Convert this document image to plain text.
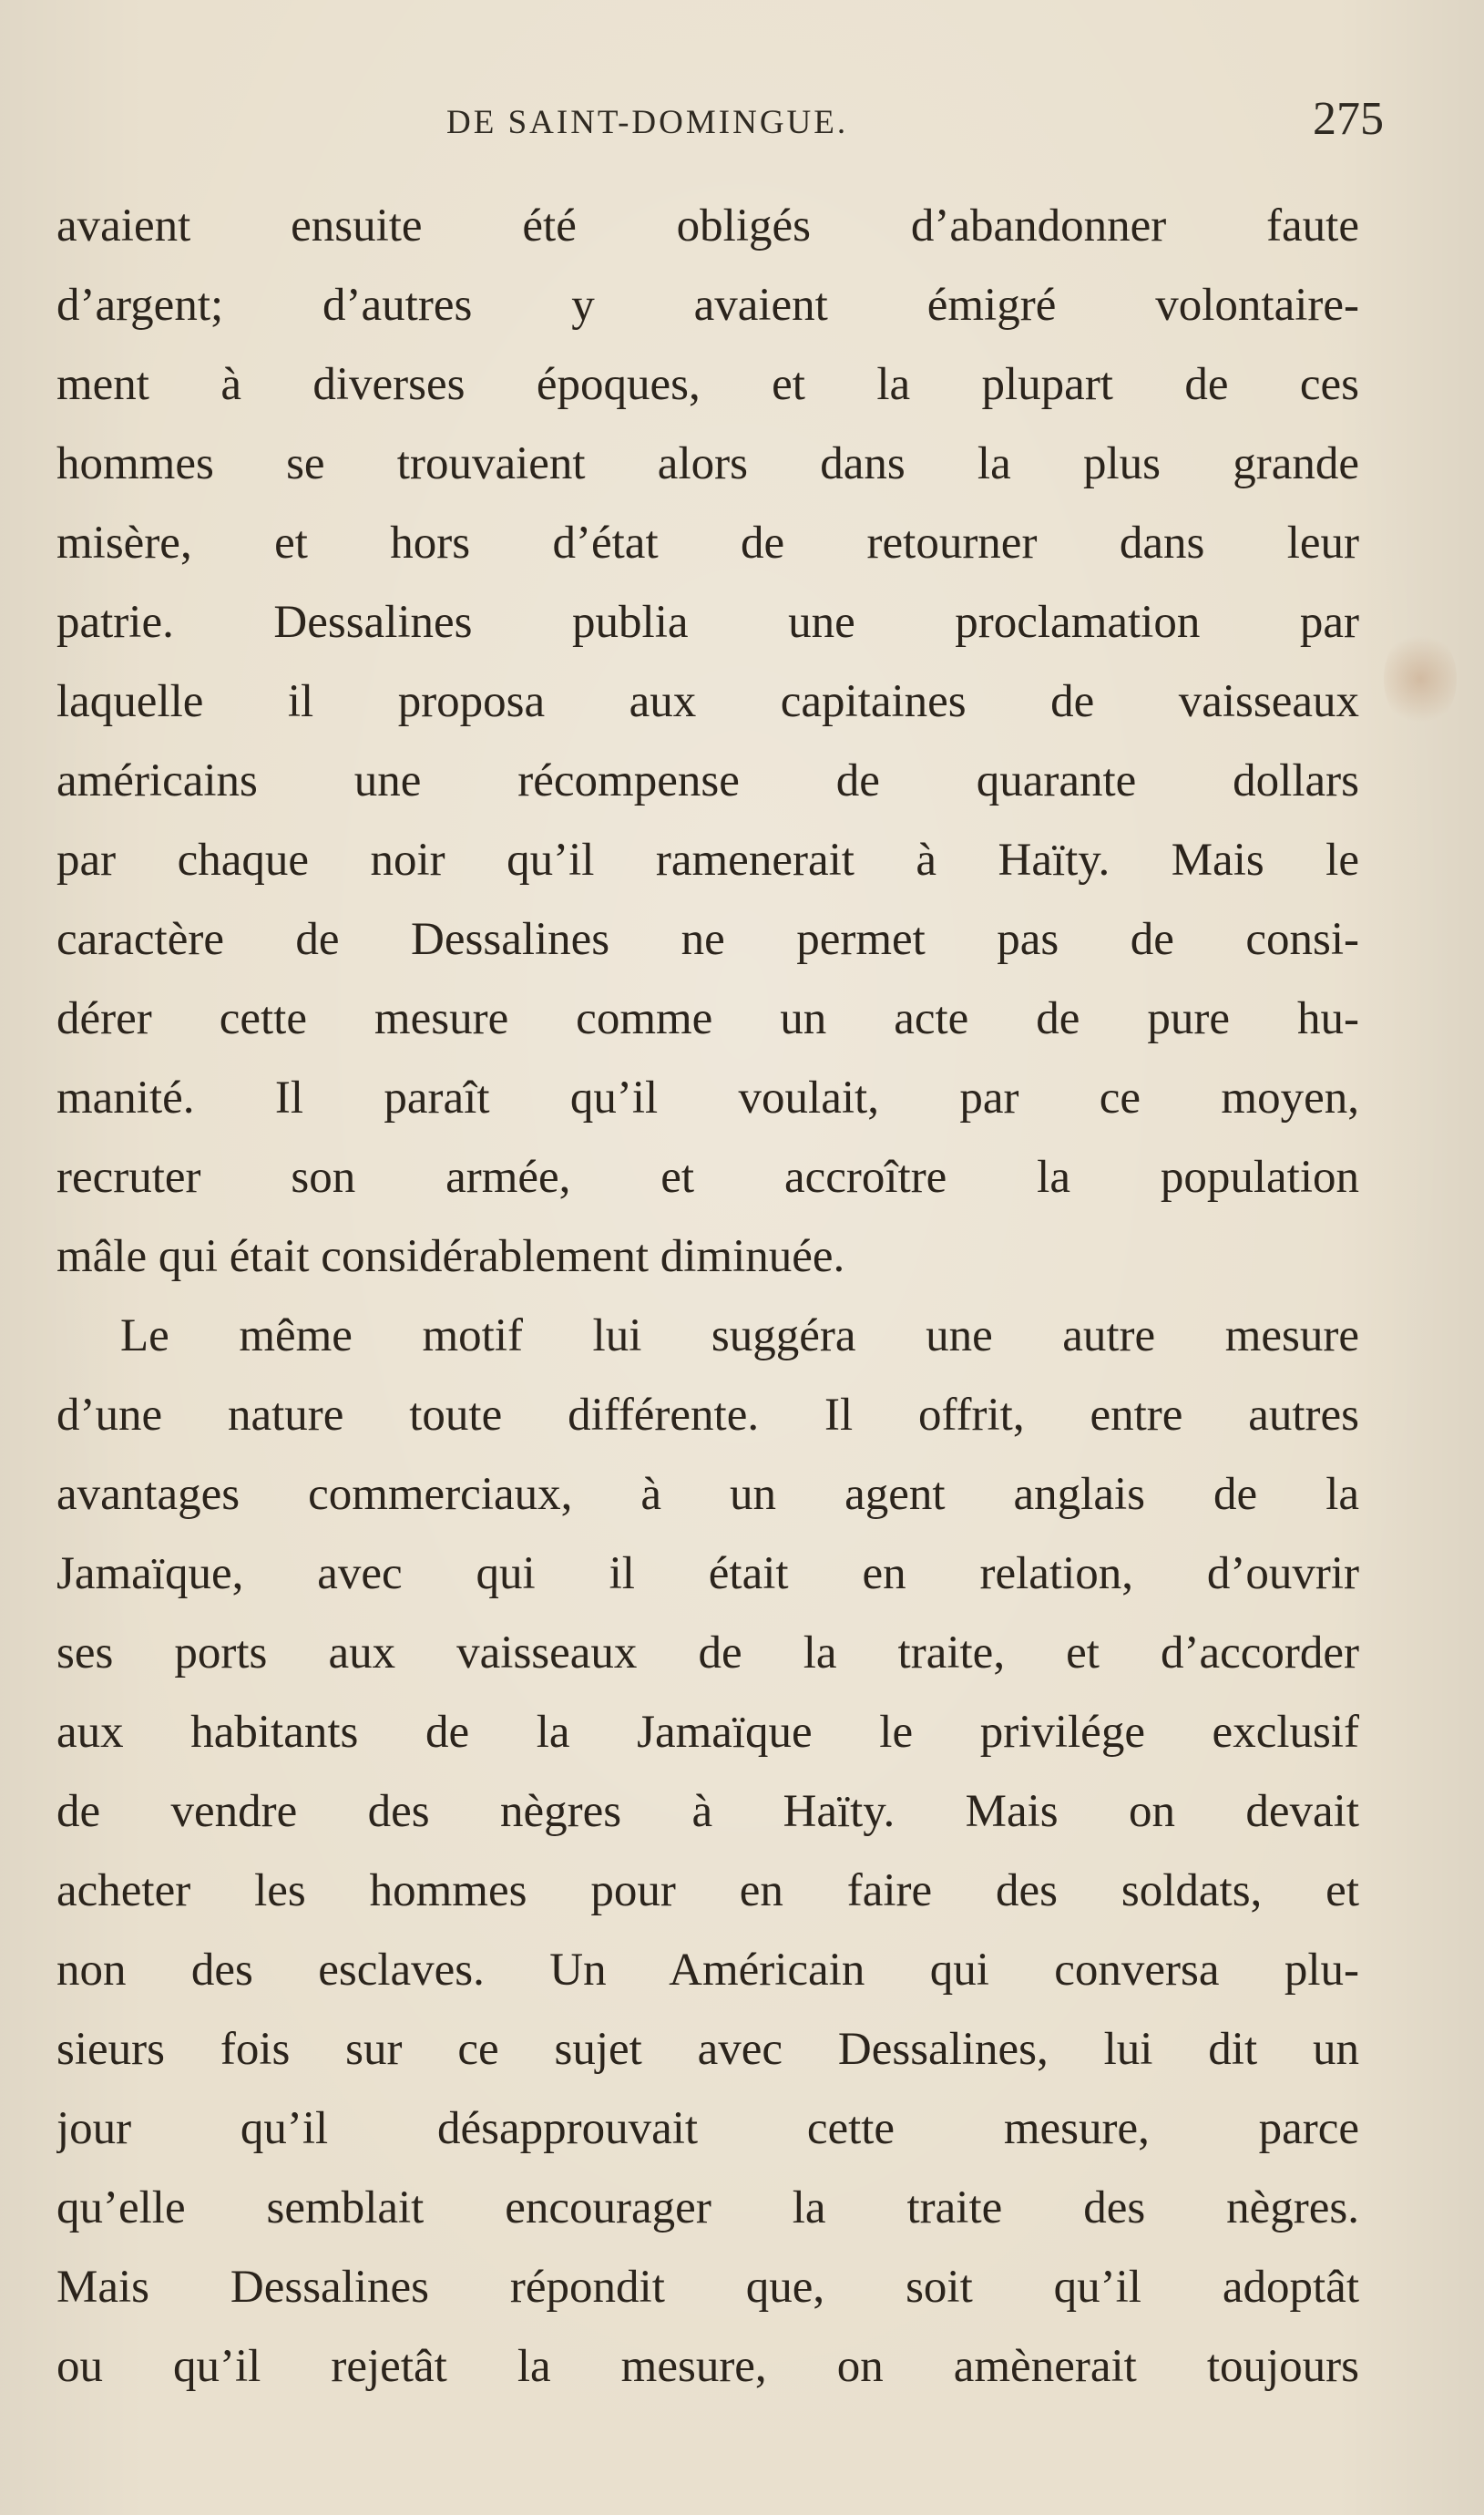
DE SAINT-DOMINGUE.	275
avaient ensuite été obligés d’abandonner faute
d’argent; d’autres y avaient émigré volontaire-
ment à diverses époques, et la plupart de ces
hommes se trouvaient alors dans la plus grande
misère, et hors d’état de retourner dans leur
patrie. Dessalines publia une proclamation par
laquelle il proposa aux capitaines de vaisseaux
américains une récompense de quarante dollars
par chaque noir qu’il ramenerait à Haïty. Mais le
caractère de Dessalines ne permet pas de consi-
dérer cette mesure comme un acte de pure hu-
manité. Il paraît qu’il voulait, par ce moyen,
recruter son armée, et accroître la population
mâle qui était considérablement diminuée.
Le même motif lui suggéra une autre mesure
d’une nature toute différente. Il offrit, entre autres
avantages commerciaux, à un agent anglais de la
Jamaïque, avec qui il était en relation, d’ouvrir
ses ports aux vaisseaux de la traite, et d’accorder
aux habitants de la Jamaïque le privilége exclusif
de vendre des nègres à Haïty. Mais on devait
acheter les hommes pour en faire des soldats, et
non des esclaves. Un Américain qui conversa plu-
sieurs fois sur ce sujet avec Dessalines, lui dit un
jour qu’il désapprouvait cette mesure, parce
qu’elle semblait encourager la traite des nègres.
Mais Dessalines répondit que, soit qu’il adoptât
ou qu’il rejetât la mesure, on amènerait toujours
